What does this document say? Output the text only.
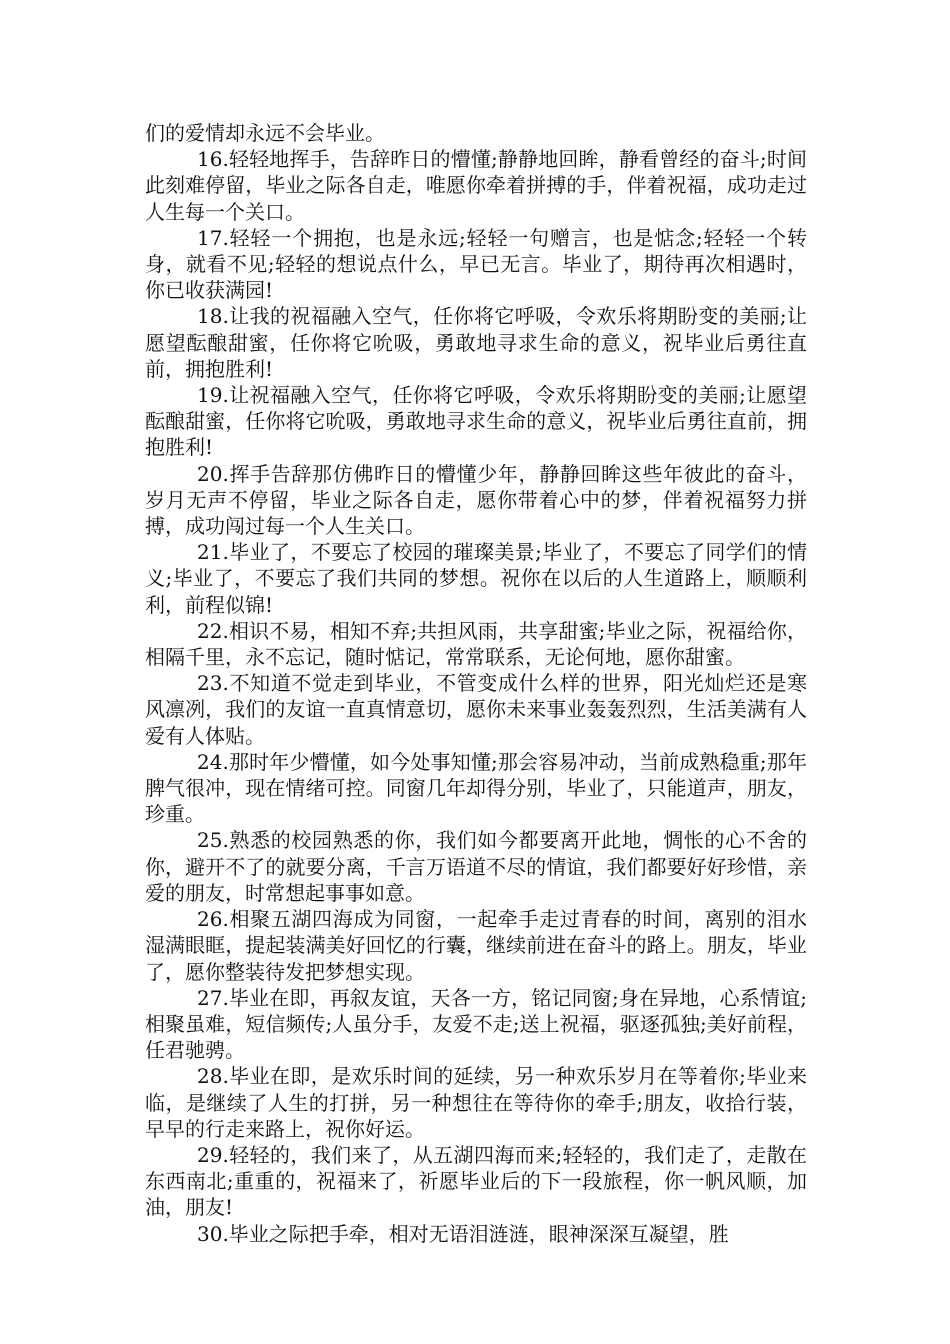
们的爱情却永远不会毕业。

16.轻轻地挥手，告辞昨日的懵懂;静静地回眸，静看曾经的奋斗;时间此刻难停留，毕业之际各自走，唯愿你牵着拼搏的手，伴着祝福，成功走过人生每一个关口。

17.轻轻一个拥抱，也是永远;轻轻一句赠言，也是惦念;轻轻一个转身，就看不见;轻轻的想说点什么，早已无言。毕业了，期待再次相遇时，你已收获满园!

18.让我的祝福融入空气，任你将它呼吸，令欢乐将期盼变的美丽;让愿望酝酿甜蜜，任你将它吮吸，勇敢地寻求生命的意义，祝毕业后勇往直前，拥抱胜利!

19.让祝福融入空气，任你将它呼吸，令欢乐将期盼变的美丽;让愿望酝酿甜蜜，任你将它吮吸，勇敢地寻求生命的意义，祝毕业后勇往直前，拥抱胜利!

20.挥手告辞那仿佛昨日的懵懂少年，静静回眸这些年彼此的奋斗，岁月无声不停留，毕业之际各自走，愿你带着心中的梦，伴着祝福努力拼搏，成功闯过每一个人生关口。

21.毕业了，不要忘了校园的璀璨美景;毕业了，不要忘了同学们的情义;毕业了，不要忘了我们共同的梦想。祝你在以后的人生道路上，顺顺利利，前程似锦!

22.相识不易，相知不弃;共担风雨，共享甜蜜;毕业之际，祝福给你，相隔千里，永不忘记，随时惦记，常常联系，无论何地，愿你甜蜜。

23.不知道不觉走到毕业，不管变成什么样的世界，阳光灿烂还是寒风凛冽，我们的友谊一直真情意切，愿你未来事业轰轰烈烈，生活美满有人爱有人体贴。

24.那时年少懵懂，如今处事知懂;那会容易冲动，当前成熟稳重;那年脾气很冲，现在情绪可控。同窗几年却得分别，毕业了，只能道声，朋友，珍重。

25.熟悉的校园熟悉的你，我们如今都要离开此地，惆怅的心不舍的你，避开不了的就要分离，千言万语道不尽的情谊，我们都要好好珍惜，亲爱的朋友，时常想起事事如意。

26.相聚五湖四海成为同窗，一起牵手走过青春的时间，离别的泪水湿满眼眶，提起装满美好回忆的行囊，继续前进在奋斗的路上。朋友，毕业了，愿你整装待发把梦想实现。

27.毕业在即，再叙友谊，天各一方，铭记同窗;身在异地，心系情谊;相聚虽难，短信频传;人虽分手，友爱不走;送上祝福，驱逐孤独;美好前程，任君驰骋。

28.毕业在即，是欢乐时间的延续，另一种欢乐岁月在等着你;毕业来临，是继续了人生的打拼，另一种想往在等待你的牵手;朋友，收拾行装，早早的行走来路上，祝你好运。

29.轻轻的，我们来了，从五湖四海而来;轻轻的，我们走了，走散在东西南北;重重的，祝福来了，祈愿毕业后的下一段旅程，你一帆风顺，加油，朋友!

30.毕业之际把手牵，相对无语泪涟涟，眼神深深互凝望，胜
